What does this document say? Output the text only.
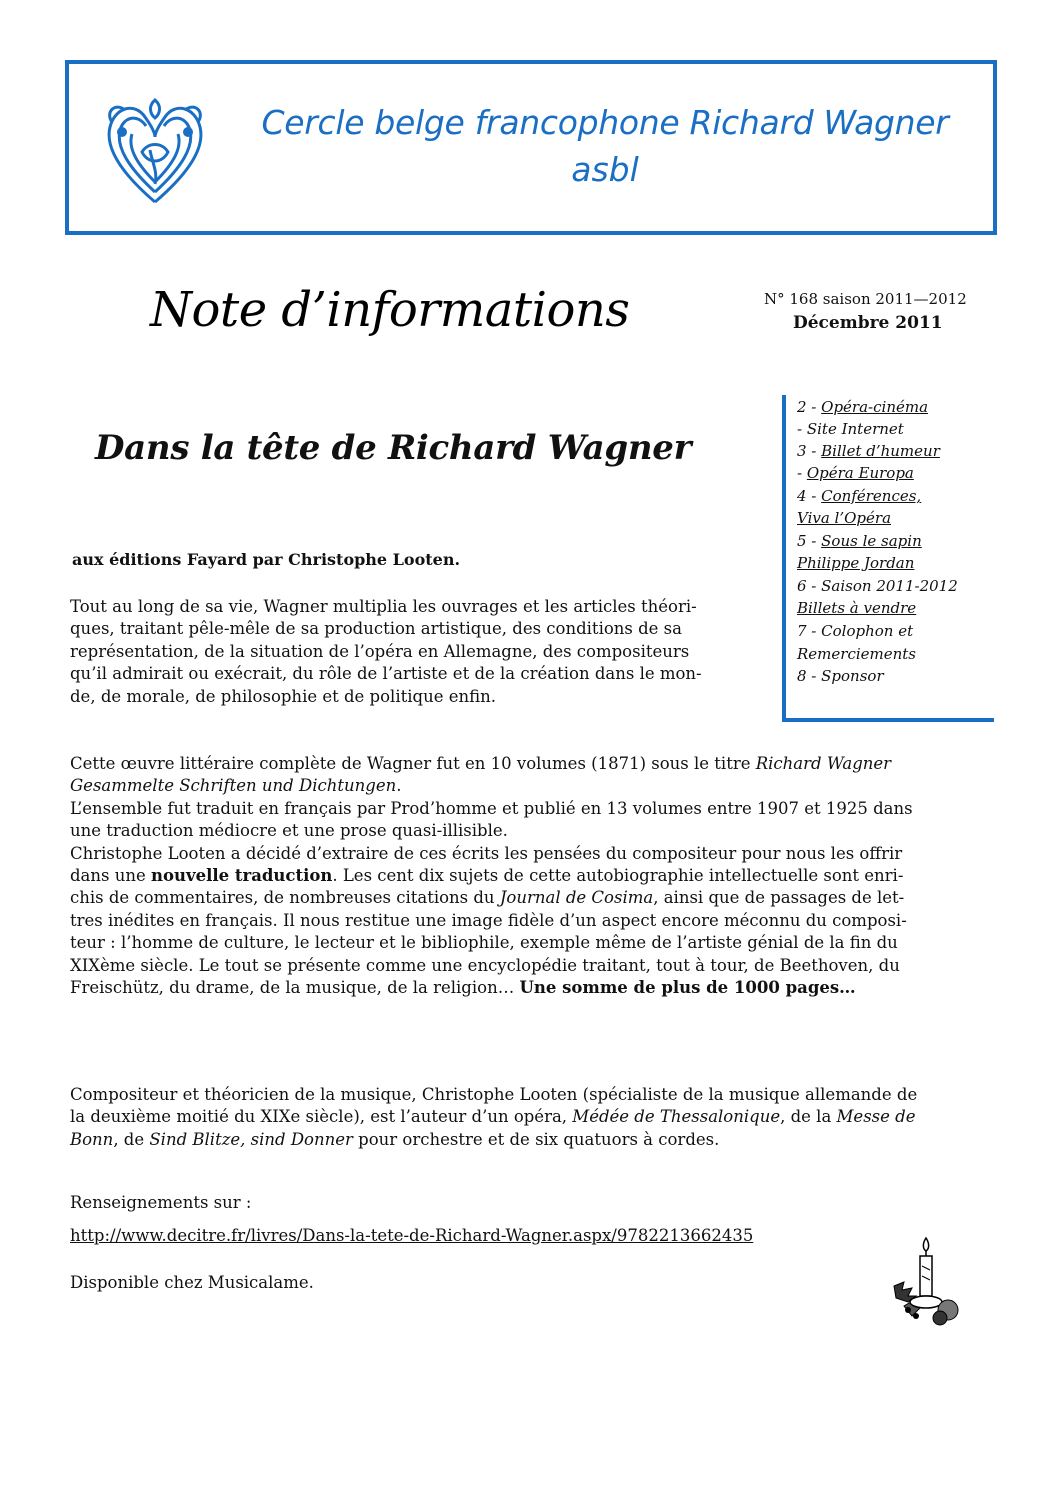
Cercle belge francophone Richard Wagner
asbl
Note d’informations	N° 168 saison 2011—2012
Décembre 2011
Dans la tête de Richard Wagner
2 - Opéra-cinéma
- Site Internet
3 - Billet d’humeur
- Opéra Europa
4 - Conférences,
Viva l’Opéra
5 - Sous le sapin
Philippe Jordan
6 - Saison 2011-2012
Billets à vendre
7 - Colophon et
Remerciements
8 - Sponsor
aux éditions Fayard par Christophe Looten.

Tout au long de sa vie, Wagner multiplia les ouvrages et les articles théori-

ques, traitant pêle-mêle de sa production artistique, des conditions de sa

représentation, de la situation de l’opéra en Allemagne, des compositeurs

qu’il admirait ou exécrait, du rôle de l’artiste et de la création dans le mon-

de, de morale, de philosophie et de politique enfin.

Cette œuvre littéraire complète de Wagner fut en 10 volumes (1871) sous le titre Richard Wagner

Gesammelte Schriften und Dichtungen.

L’ensemble fut traduit en français par Prod’homme et publié en 13 volumes entre 1907 et 1925 dans

une traduction médiocre et une prose quasi-illisible.

Christophe Looten a décidé d’extraire de ces écrits les pensées du compositeur pour nous les offrir

dans une nouvelle traduction. Les cent dix sujets de cette autobiographie intellectuelle sont enri-

chis de commentaires, de nombreuses citations du Journal de Cosima, ainsi que de passages de let-

tres inédites en français. Il nous restitue une image fidèle d’un aspect encore méconnu du composi-

teur : l’homme de culture, le lecteur et le bibliophile, exemple même de l’artiste génial de la fin du

XIXème siècle. Le tout se présente comme une encyclopédie traitant, tout à tour, de Beethoven, du

Freischütz, du drame, de la musique, de la religion… Une somme de plus de 1000 pages…

Compositeur et théoricien de la musique, Christophe Looten (spécialiste de la musique allemande de

la deuxième moitié du XIXe siècle), est l’auteur d’un opéra, Médée de Thessalonique, de la Messe de

Bonn, de Sind Blitze, sind Donner pour orchestre et de six quatuors à cordes.

Renseignements sur :

http://www.decitre.fr/livres/Dans-la-tete-de-Richard-Wagner.aspx/9782213662435

Disponible chez Musicalame.
